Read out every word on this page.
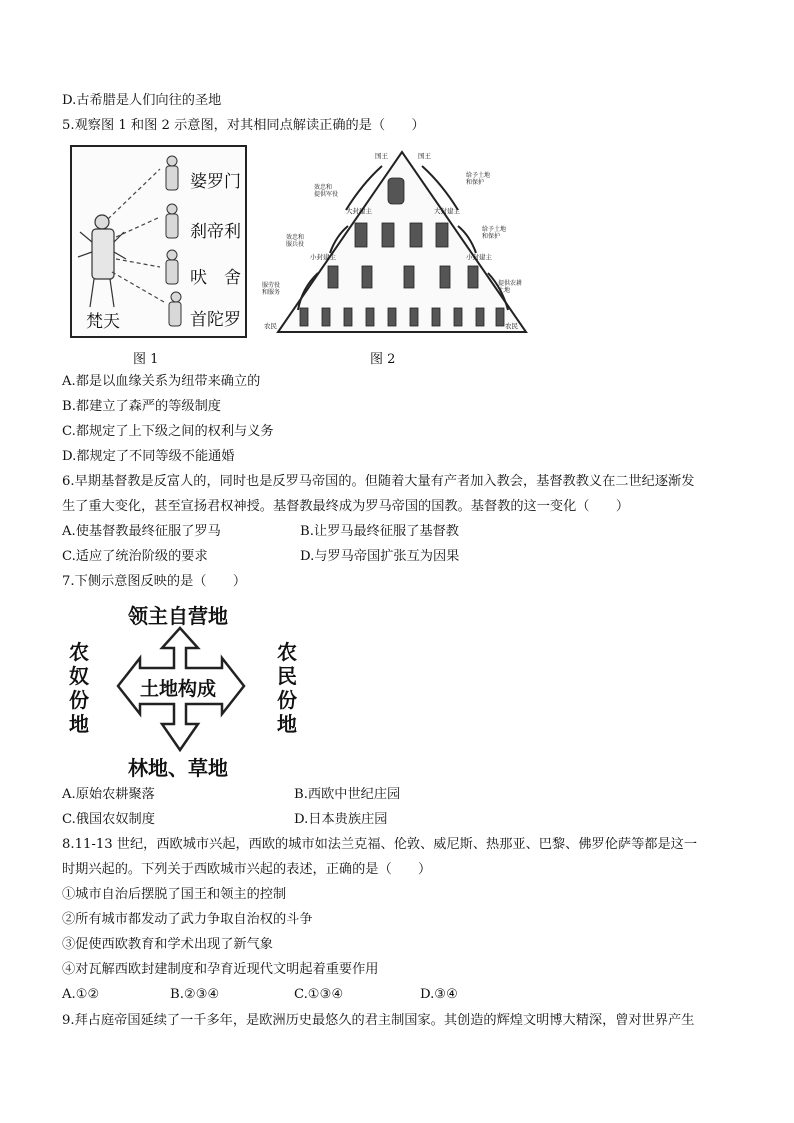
D.古希腊是人们向往的圣地
5.观察图 1 和图 2 示意图，对其相同点解读正确的是（　　）
婆罗门
刹帝利
吠　舍
首陀罗
梵天
国王	国王
大封建主	大封建主
小封建主	小封建主
农民	农民
效忠和
提供军役
效忠和
服兵役
服劳役
和服务
给予土地
和保护
给予土地
和保护
提供农耕
土地
图 1	图 2
A.都是以血缘关系为纽带来确立的
B.都建立了森严的等级制度
C.都规定了上下级之间的权利与义务
D.都规定了不同等级不能通婚
6.早期基督教是反富人的，同时也是反罗马帝国的。但随着大量有产者加入教会，基督教教义在二世纪逐渐发
生了重大变化，甚至宣扬君权神授。基督教最终成为罗马帝国的国教。基督教的这一变化（　　）
A.使基督教最终征服了罗马	B.让罗马最终征服了基督教
C.适应了统治阶级的要求	D.与罗马帝国扩张互为因果
7.下侧示意图反映的是（　　）
领主自营地
林地、草地
农奴份地
农民份地
土地构成
A.原始农耕聚落	B.西欧中世纪庄园
C.俄国农奴制度	D.日本贵族庄园
8.11-13 世纪，西欧城市兴起，西欧的城市如法兰克福、伦敦、威尼斯、热那亚、巴黎、佛罗伦萨等都是这一
时期兴起的。下列关于西欧城市兴起的表述，正确的是（　　）
①城市自治后摆脱了国王和领主的控制
②所有城市都发动了武力争取自治权的斗争
③促使西欧教育和学术出现了新气象
④对瓦解西欧封建制度和孕育近现代文明起着重要作用
A.①②	B.②③④	C.①③④	D.③④
9.拜占庭帝国延续了一千多年，是欧洲历史最悠久的君主制国家。其创造的辉煌文明博大精深，曾对世界产生
